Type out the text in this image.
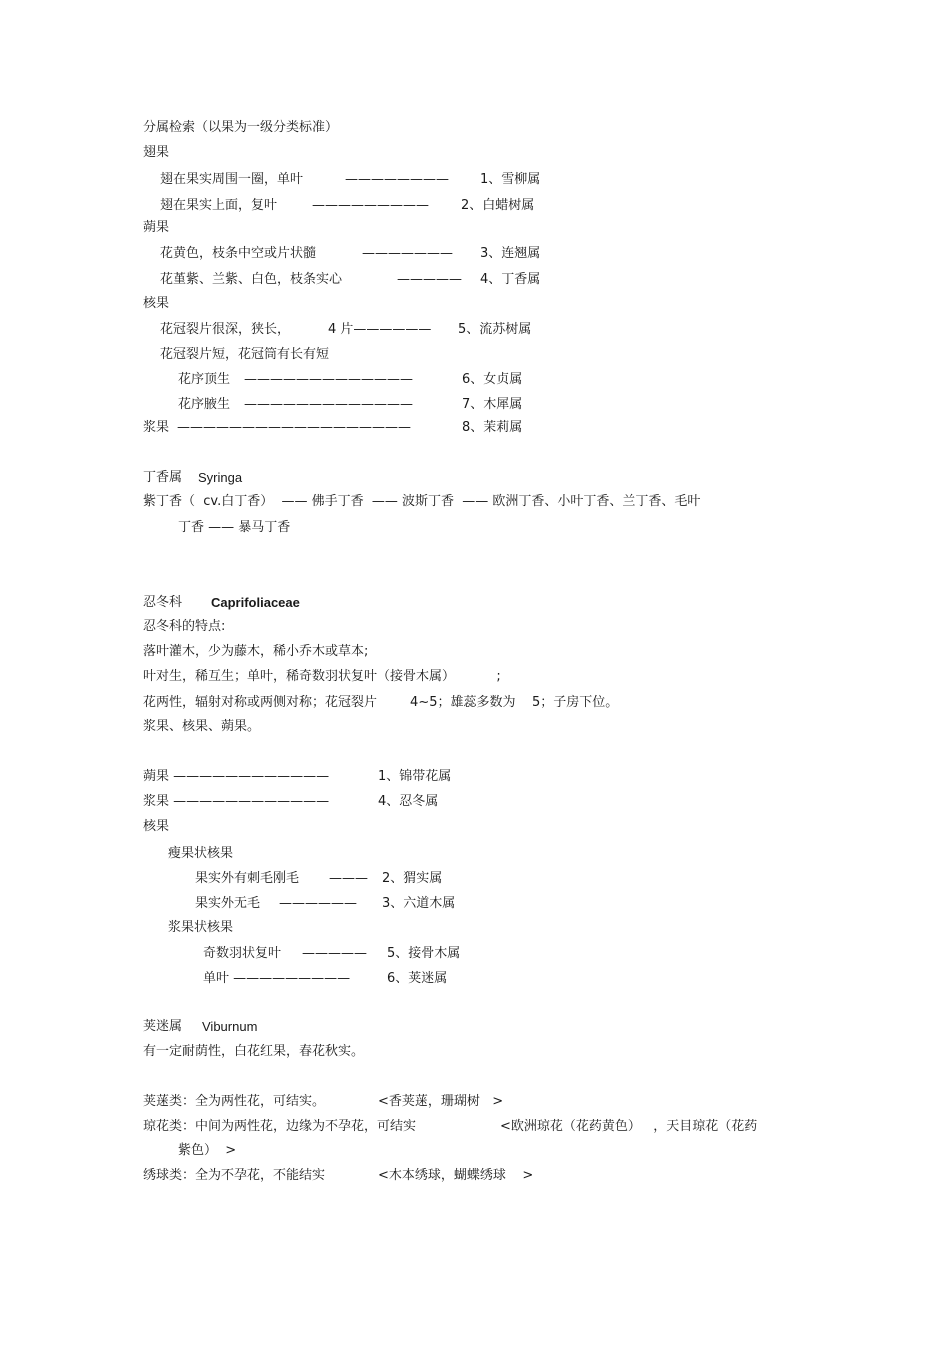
分属检索（以果为一级分类标准）
翅果
翅在果实周围一圈，单叶	———————— 1、雪柳属
翅在果实上面，复叶	————————— 2、白蜡树属
蒴果
花黄色，枝条中空或片状髓	——————— 3、连翘属
花堇紫、兰紫、白色，枝条实心	————— 4、丁香属
核果
花冠裂片很深，狭长，	4 片—————— 5、流苏树属
花冠裂片短，花冠筒有长有短
花序顶生 —————————————	6、女贞属
花序腋生 —————————————	7、木犀属
浆果 ——————————————————	8、茉莉属
丁香属 Syringa
紫丁香（  cv.白丁香）  —— 佛手丁香  —— 波斯丁香  —— 欧洲丁香、小叶丁香、兰丁香、毛叶
丁香 —— 暴马丁香
忍冬科 Caprifoliaceae
忍冬科的特点:
落叶灌木，少为藤木，稀小乔木或草本;
叶对生，稀互生；单叶，稀奇数羽状复叶（接骨木属）          ;
花两性，辐射对称或两侧对称；花冠裂片        4~5；雄蕊多数为    5；子房下位。
浆果、核果、蒴果。
蒴果 ————————————	1、锦带花属
浆果 ————————————	4、忍冬属
核果
瘦果状核果
果实外有刺毛刚毛 ——— 2、猬实属
果实外无毛 —————— 3、六道木属
浆果状核果
奇数羽状复叶 ————— 5、接骨木属
单叶 —————————	6、荚迷属
荚迷属 Viburnum
有一定耐荫性，白花红果，春花秋实。
荚蒾类：全为两性花，可结实。	<香荚蒾，珊瑚树   >
琼花类：中间为两性花，边缘为不孕花，可结实	<欧洲琼花（花药黄色）   ，天目琼花（花药
紫色）  >
绣球类：全为不孕花，不能结实	<木本绣球，蝴蝶绣球    >
